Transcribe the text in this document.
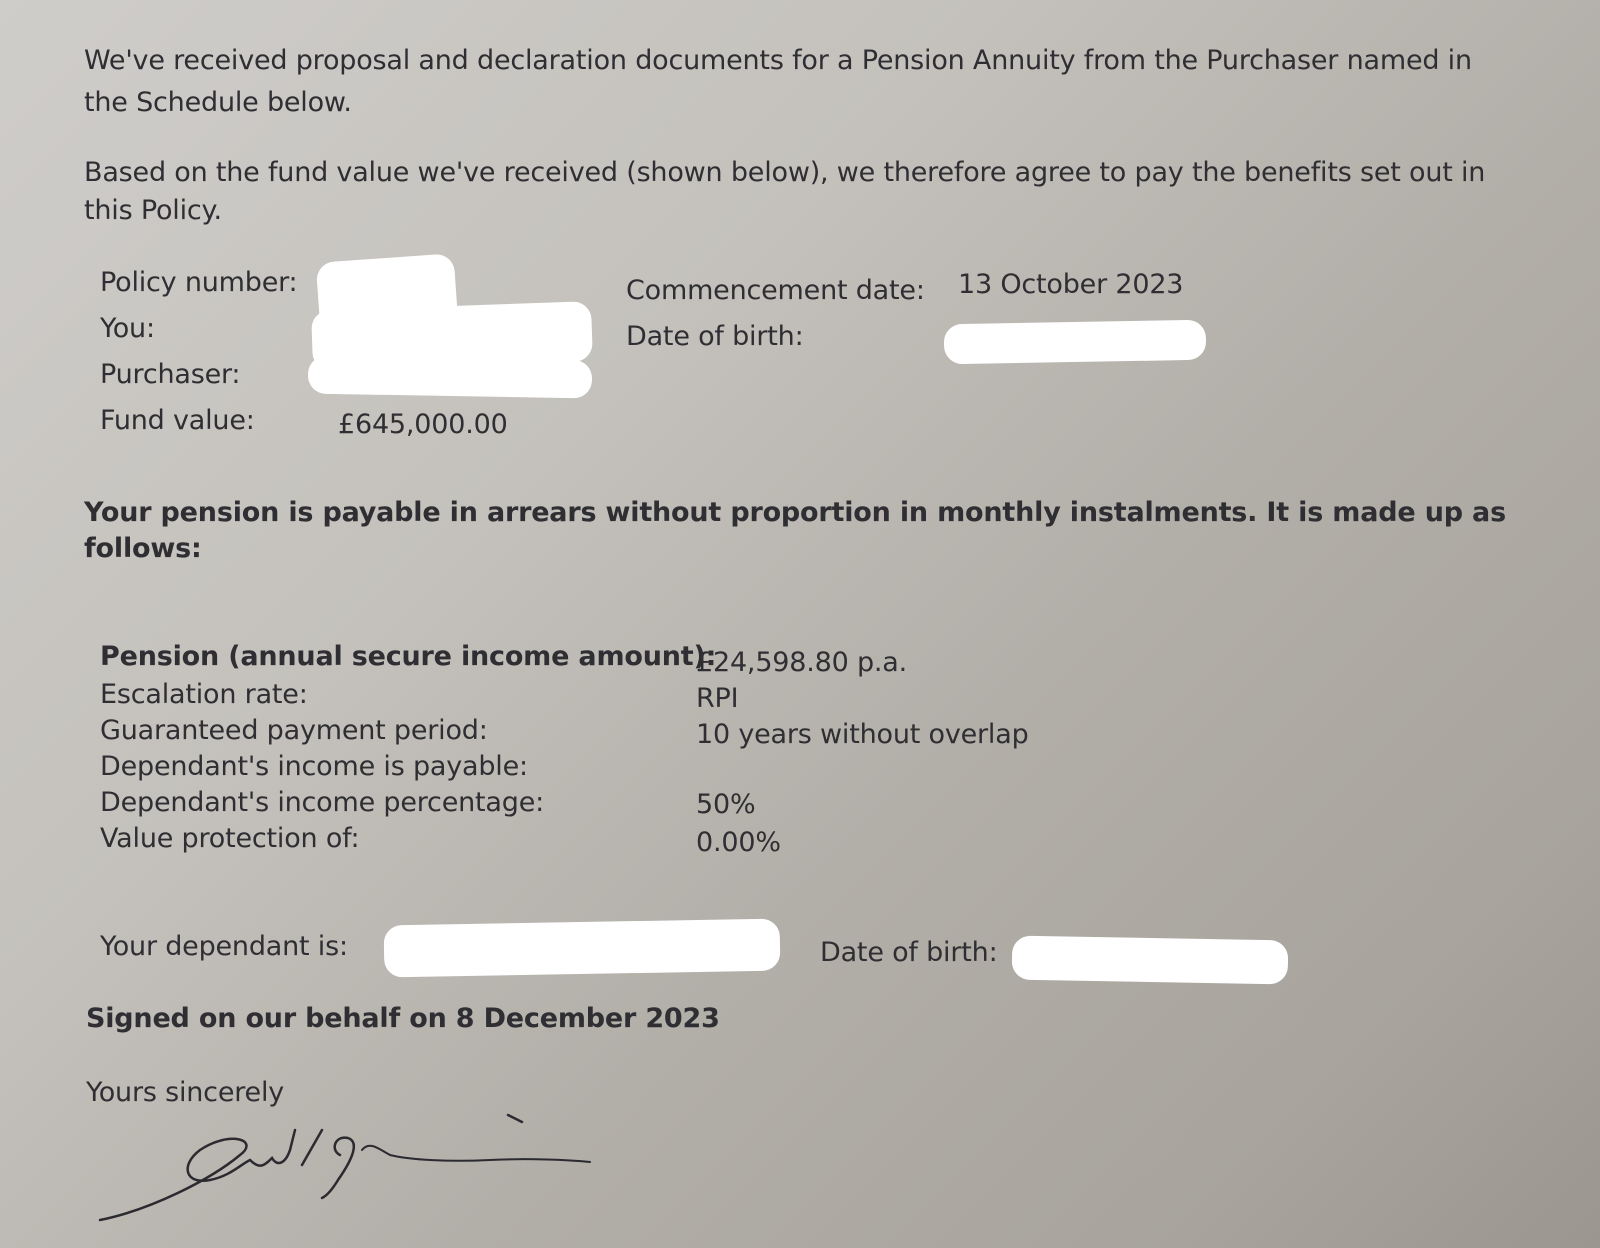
We've received proposal and declaration documents for a Pension Annuity from the Purchaser named in
the Schedule below.
Based on the fund value we've received (shown below), we therefore agree to pay the benefits set out in
this Policy.
Policy number:
You:
Purchaser:
Fund value:	£645,000.00
Commencement date: 13 October 2023
Date of birth:
Your pension is payable in arrears without proportion in monthly instalments. It is made up as
follows:
Pension (annual secure income amount):
£24,598.80 p.a.
Escalation rate:	RPI
Guaranteed payment period:	10 years without overlap
Dependant's income is payable:
Dependant's income percentage:	50%
Value protection of:	0.00%
Your dependant is:	Date of birth:
Signed on our behalf on 8 December 2023
Yours sincerely
